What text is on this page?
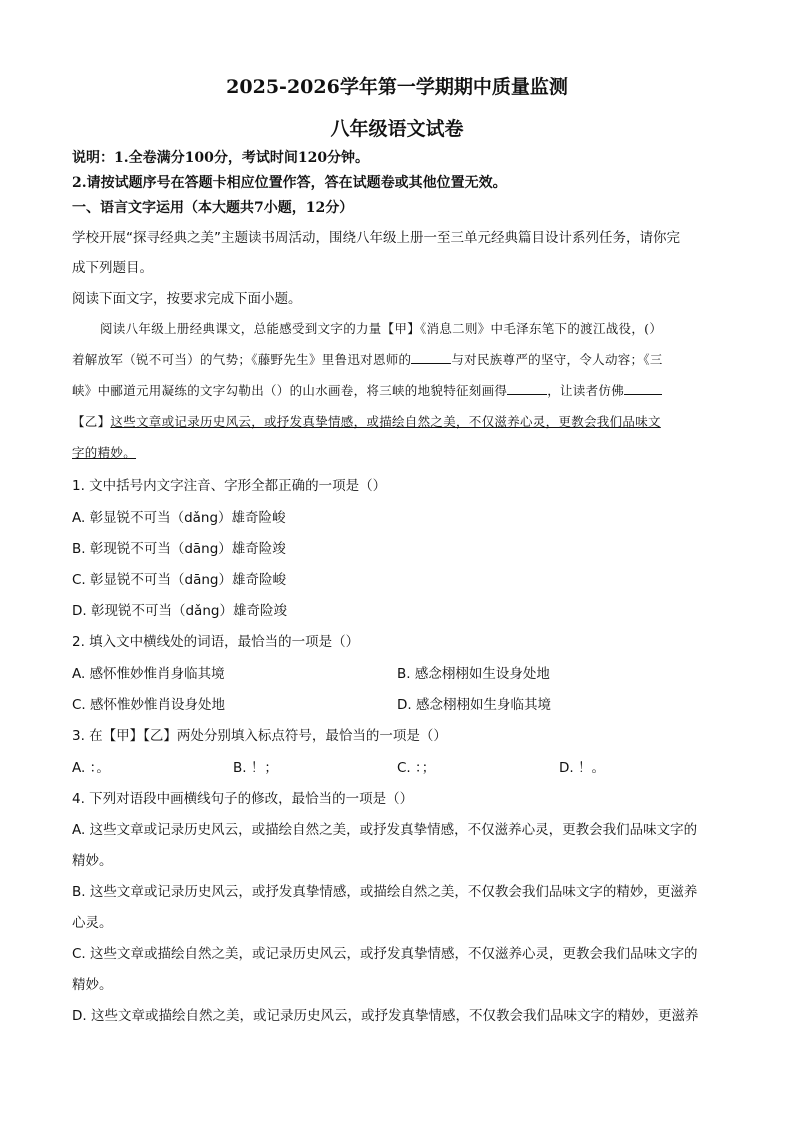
2025-2026学年第一学期期中质量监测
八年级语文试卷
说明：1.全卷满分100分，考试时间120分钟。
2.请按试题序号在答题卡相应位置作答，答在试题卷或其他位置无效。
一、语言文字运用（本大题共7小题，12分）
学校开展“探寻经典之美”主题读书周活动，围绕八年级上册一至三单元经典篇目设计系列任务，请你完
成下列题目。
阅读下面文字，按要求完成下面小题。
阅读八年级上册经典课文，总能感受到文字的力量【甲】《消息二则》中毛泽东笔下的渡江战役，(）
着解放军（锐不可当）的气势；《藤野先生》里鲁迅对恩师的	与对民族尊严的坚守，令人动容；《三
峡》中郦道元用凝练的文字勾勒出（）的山水画卷，将三峡的地貌特征刻画得	，让读者仿佛
【乙】这些文章或记录历史风云，或抒发真挚情感，或描绘自然之美，不仅滋养心灵，更教会我们品味文
字的精妙。
1. 文中括号内文字注音、字形全都正确的一项是（）
A. 彰显锐不可当（dǎng）雄奇险峻
B. 彰现锐不可当（dāng）雄奇险竣
C. 彰显锐不可当（dāng）雄奇险峻
D. 彰现锐不可当（dǎng）雄奇险竣
2. 填入文中横线处的词语，最恰当的一项是（）
A. 感怀惟妙惟肖身临其境	B. 感念栩栩如生设身处地
C. 感怀惟妙惟肖设身处地	D. 感念栩栩如生身临其境
3. 在【甲】【乙】两处分别填入标点符号，最恰当的一项是（）
A. ：。	B. ！；	C. ：；	D. ！。
4. 下列对语段中画横线句子的修改，最恰当的一项是（）
A. 这些文章或记录历史风云，或描绘自然之美，或抒发真挚情感，不仅滋养心灵，更教会我们品味文字的
精妙。
B. 这些文章或记录历史风云，或抒发真挚情感，或描绘自然之美，不仅教会我们品味文字的精妙，更滋养
心灵。
C. 这些文章或描绘自然之美，或记录历史风云，或抒发真挚情感，不仅滋养心灵，更教会我们品味文字的
精妙。
D. 这些文章或描绘自然之美，或记录历史风云，或抒发真挚情感，不仅教会我们品味文字的精妙，更滋养
